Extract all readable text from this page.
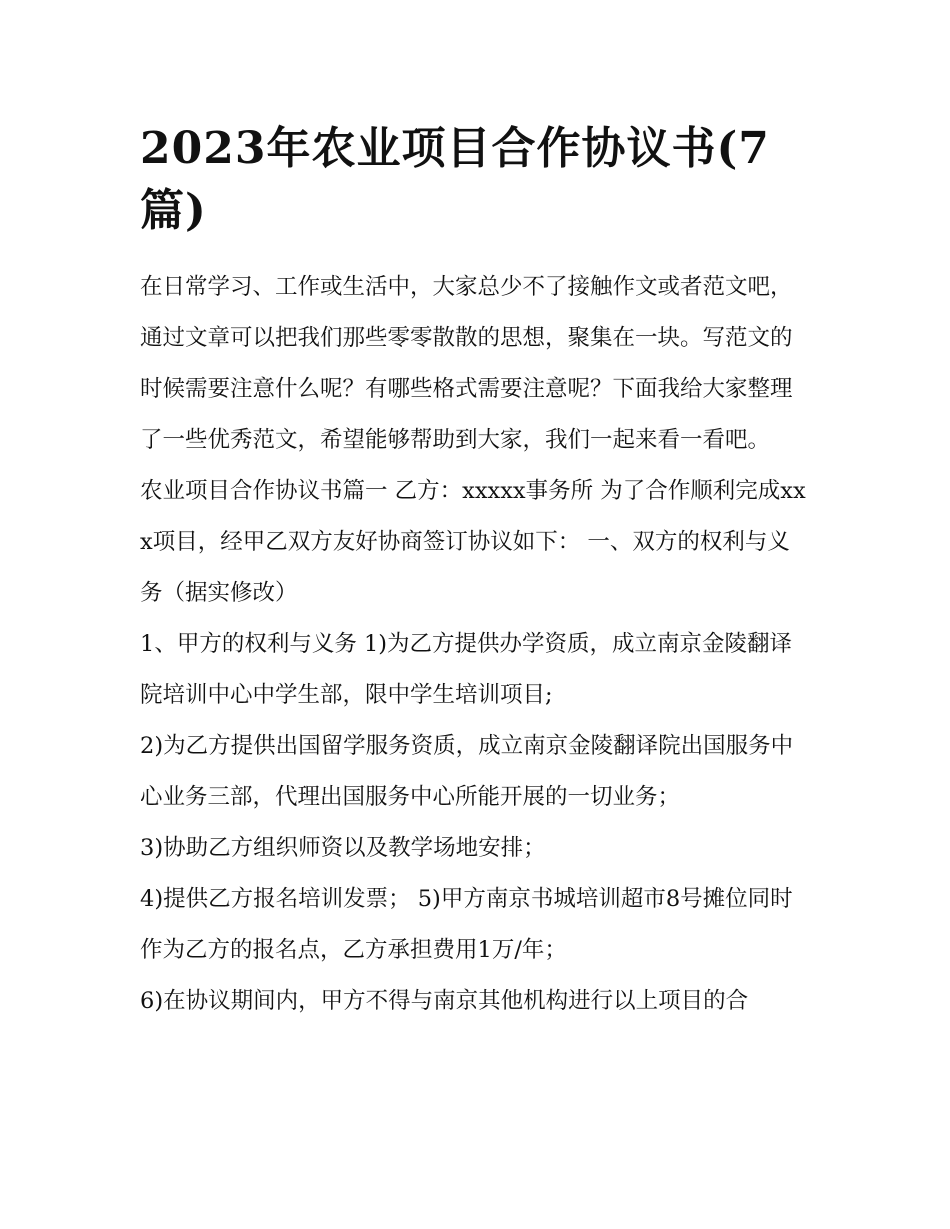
2023年农业项目合作协议书(7篇)

在日常学习、工作或生活中，大家总少不了接触作文或者范文吧，通过文章可以把我们那些零零散散的思想，聚集在一块。写范文的时候需要注意什么呢？有哪些格式需要注意呢？下面我给大家整理了一些优秀范文，希望能够帮助到大家，我们一起来看一看吧。

农业项目合作协议书篇一 乙方：xxxxx事务所 为了合作顺利完成xxx项目，经甲乙双方友好协商签订协议如下： 一、双方的权利与义务（据实修改）

1、甲方的权利与义务 1)为乙方提供办学资质，成立南京金陵翻译院培训中心中学生部，限中学生培训项目;

2)为乙方提供出国留学服务资质，成立南京金陵翻译院出国服务中心业务三部，代理出国服务中心所能开展的一切业务；

3)协助乙方组织师资以及教学场地安排；

4)提供乙方报名培训发票； 5)甲方南京书城培训超市8号摊位同时作为乙方的报名点，乙方承担费用1万/年；

6)在协议期间内，甲方不得与南京其他机构进行以上项目的合
